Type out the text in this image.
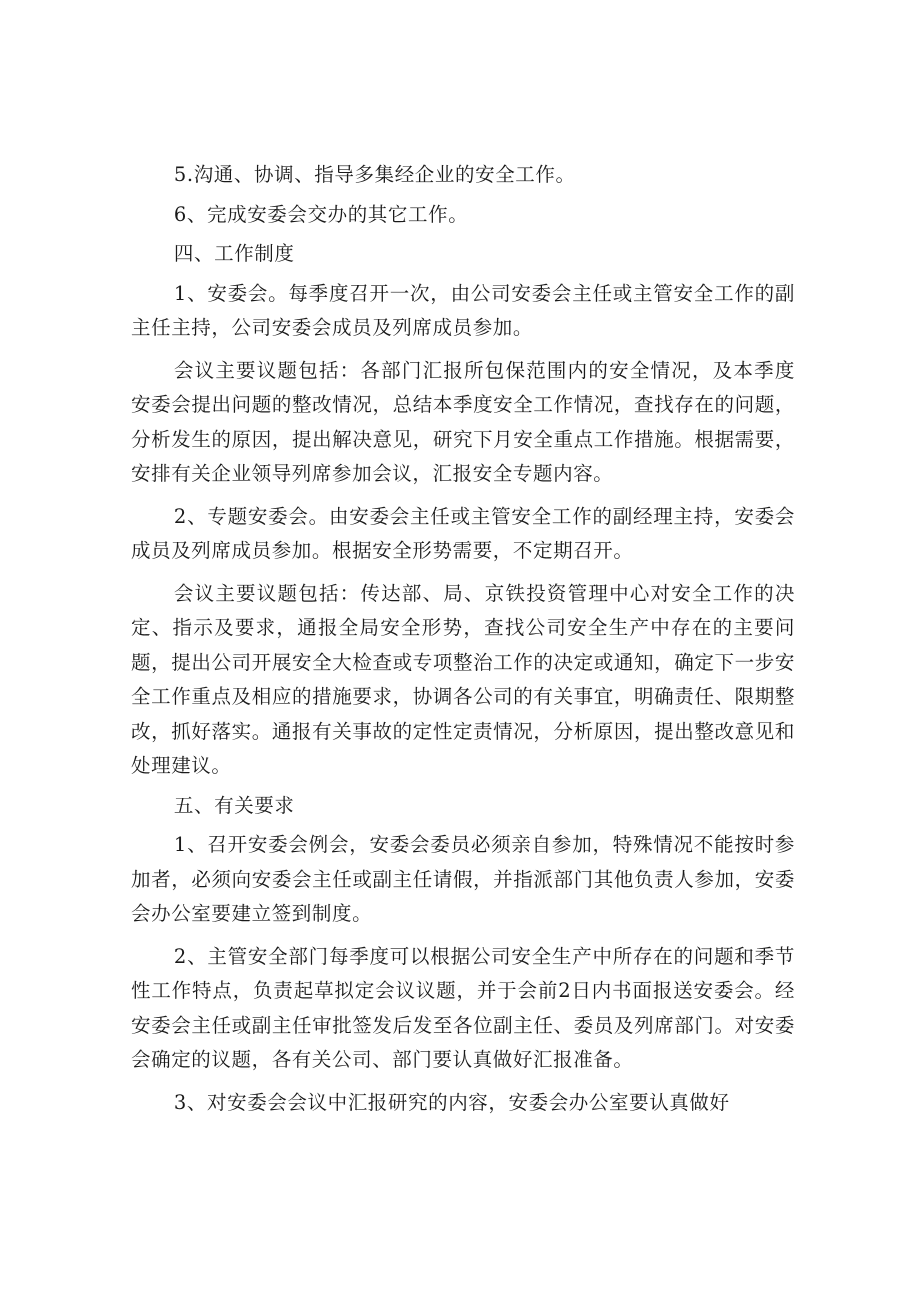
5.沟通、协调、指导多集经企业的安全工作。

6、完成安委会交办的其它工作。

四、工作制度

1、安委会。每季度召开一次，由公司安委会主任或主管安全工作的副主任主持，公司安委会成员及列席成员参加。

会议主要议题包括：各部门汇报所包保范围内的安全情况，及本季度安委会提出问题的整改情况，总结本季度安全工作情况，查找存在的问题，分析发生的原因，提出解决意见，研究下月安全重点工作措施。根据需要，安排有关企业领导列席参加会议，汇报安全专题内容。

2、专题安委会。由安委会主任或主管安全工作的副经理主持，安委会成员及列席成员参加。根据安全形势需要，不定期召开。

会议主要议题包括：传达部、局、京铁投资管理中心对安全工作的决定、指示及要求，通报全局安全形势，查找公司安全生产中存在的主要问题，提出公司开展安全大检查或专项整治工作的决定或通知，确定下一步安全工作重点及相应的措施要求，协调各公司的有关事宜，明确责任、限期整改，抓好落实。通报有关事故的定性定责情况，分析原因，提出整改意见和处理建议。

五、有关要求

1、召开安委会例会，安委会委员必须亲自参加，特殊情况不能按时参加者，必须向安委会主任或副主任请假，并指派部门其他负责人参加，安委会办公室要建立签到制度。

2、主管安全部门每季度可以根据公司安全生产中所存在的问题和季节性工作特点，负责起草拟定会议议题，并于会前2日内书面报送安委会。经安委会主任或副主任审批签发后发至各位副主任、委员及列席部门。对安委会确定的议题，各有关公司、部门要认真做好汇报准备。

3、对安委会会议中汇报研究的内容，安委会办公室要认真做好
